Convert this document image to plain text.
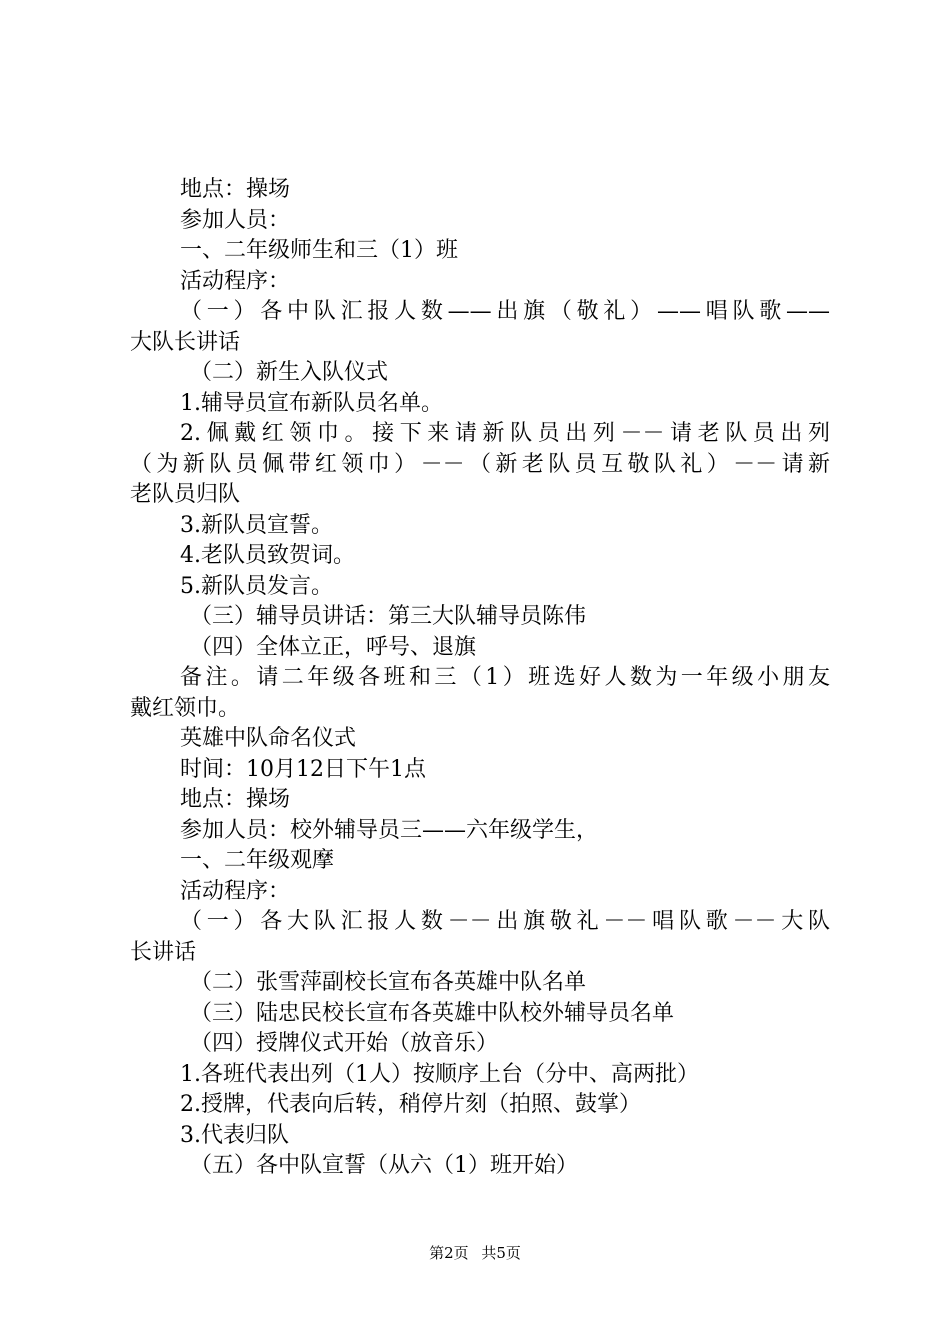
地点：操场
参加人员：
一、二年级师生和三（1）班
活动程序：
（一）各中队汇报人数——出旗（敬礼）——唱队歌——
大队长讲话
（二）新生入队仪式
1.辅导员宣布新队员名单。
2.佩戴红领巾。接下来请新队员出列－－请老队员出列
（为新队员佩带红领巾）－－（新老队员互敬队礼）－－请新
老队员归队
3.新队员宣誓。
4.老队员致贺词。
5.新队员发言。
（三）辅导员讲话：第三大队辅导员陈伟
（四）全体立正，呼号、退旗
备注。请二年级各班和三（1）班选好人数为一年级小朋友
戴红领巾。
英雄中队命名仪式
时间：10月12日下午1点
地点：操场
参加人员：校外辅导员三——六年级学生，
一、二年级观摩
活动程序：
（一）各大队汇报人数－－出旗敬礼－－唱队歌－－大队
长讲话
（二）张雪萍副校长宣布各英雄中队名单
（三）陆忠民校长宣布各英雄中队校外辅导员名单
（四）授牌仪式开始（放音乐）
1.各班代表出列（1人）按顺序上台（分中、高两批）
2.授牌，代表向后转，稍停片刻（拍照、鼓掌）
3.代表归队
（五）各中队宣誓（从六（1）班开始）
第2页 共5页
